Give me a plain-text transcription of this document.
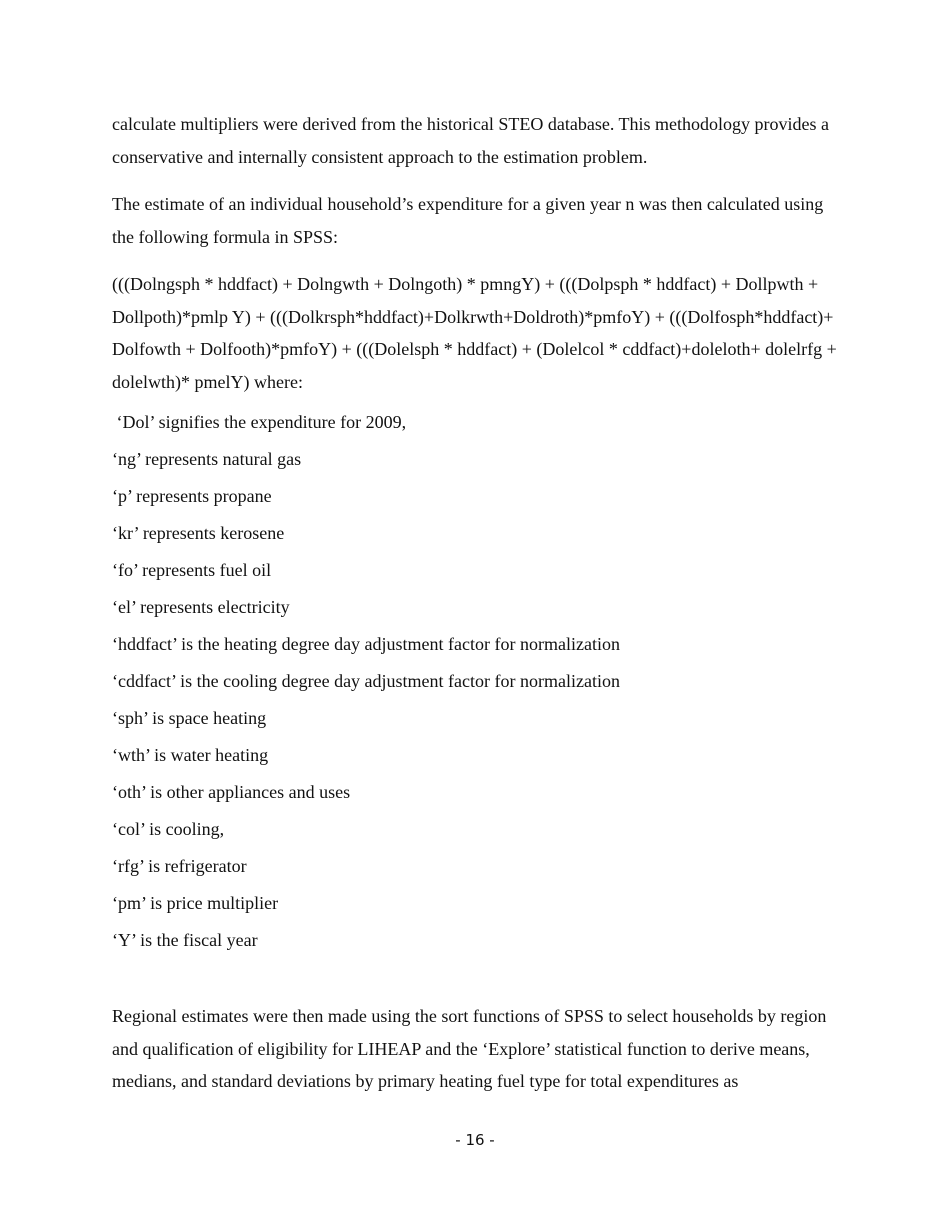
calculate multipliers were derived from the historical STEO database. This methodology provides a conservative and internally consistent approach to the estimation problem.

The estimate of an individual household’s expenditure for a given year n was then calculated using the following formula in SPSS:

(((Dolngsph * hddfact) + Dolngwth + Dolngoth) * pmngY) + (((Dolpsph * hddfact) + Dollpwth + Dollpoth)*pmlp Y) + (((Dolkrsph*hddfact)+Dolkrwth+Doldroth)*pmfoY) + (((Dolfosph*hddfact)+ Dolfowth + Dolfooth)*pmfoY) + (((Dolelsph * hddfact) + (Dolelcol * cddfact)+doleloth+ dolelrfg + dolelwth)* pmelY) where:

‘Dol’ signifies the expenditure for 2009,
‘ng’ represents natural gas
‘p’ represents propane
‘kr’ represents kerosene
‘fo’ represents fuel oil
‘el’ represents electricity
‘hddfact’ is the heating degree day adjustment factor for normalization
‘cddfact’ is the cooling degree day adjustment factor for normalization
‘sph’ is space heating
‘wth’ is water heating
‘oth’ is other appliances and uses
‘col’ is cooling,
‘rfg’ is refrigerator
‘pm’ is price multiplier
‘Y’ is the fiscal year

Regional estimates were then made using the sort functions of SPSS to select households by region and qualification of eligibility for LIHEAP and the ‘Explore’ statistical function to derive means, medians, and standard deviations by primary heating fuel type for total expenditures as

- 16 -
